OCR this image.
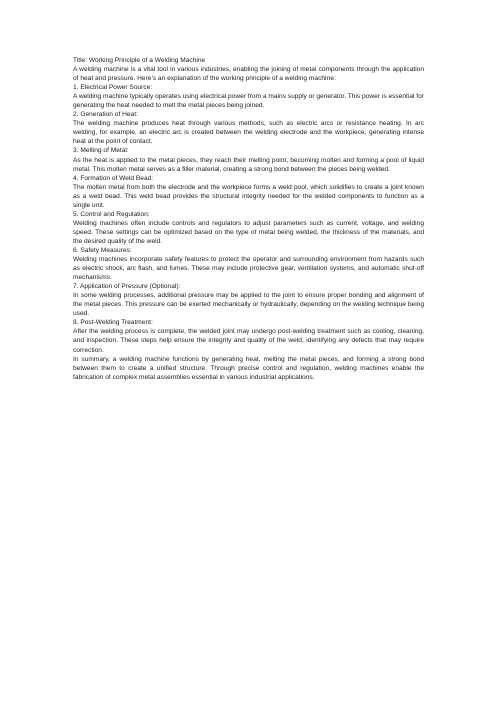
Title: Working Principle of a Welding Machine

A welding machine is a vital tool in various industries, enabling the joining of metal components through the application of heat and pressure. Here’s an explanation of the working principle of a welding machine:

1. Electrical Power Source:

A welding machine typically operates using electrical power from a mains supply or generator. This power is essential for generating the heat needed to melt the metal pieces being joined.

2. Generation of Heat:

The welding machine produces heat through various methods, such as electric arcs or resistance heating. In arc welding, for example, an electric arc is created between the welding electrode and the workpiece, generating intense heat at the point of contact.

3. Melting of Metal:

As the heat is applied to the metal pieces, they reach their melting point, becoming molten and forming a pool of liquid metal. This molten metal serves as a filler material, creating a strong bond between the pieces being welded.

4. Formation of Weld Bead:

The molten metal from both the electrode and the workpiece forms a weld pool, which solidifies to create a joint known as a weld bead. This weld bead provides the structural integrity needed for the welded components to function as a single unit.

5. Control and Regulation:

Welding machines often include controls and regulators to adjust parameters such as current, voltage, and welding speed. These settings can be optimized based on the type of metal being welded, the thickness of the materials, and the desired quality of the weld.

6. Safety Measures:

Welding machines incorporate safety features to protect the operator and surrounding environment from hazards such as electric shock, arc flash, and fumes. These may include protective gear, ventilation systems, and automatic shut-off mechanisms.

7. Application of Pressure (Optional):

In some welding processes, additional pressure may be applied to the joint to ensure proper bonding and alignment of the metal pieces. This pressure can be exerted mechanically or hydraulically, depending on the welding technique being used.

8. Post-Welding Treatment:

After the welding process is complete, the welded joint may undergo post-welding treatment such as cooling, cleaning, and inspection. These steps help ensure the integrity and quality of the weld, identifying any defects that may require correction.

In summary, a welding machine functions by generating heat, melting the metal pieces, and forming a strong bond between them to create a unified structure. Through precise control and regulation, welding machines enable the fabrication of complex metal assemblies essential in various industrial applications.
